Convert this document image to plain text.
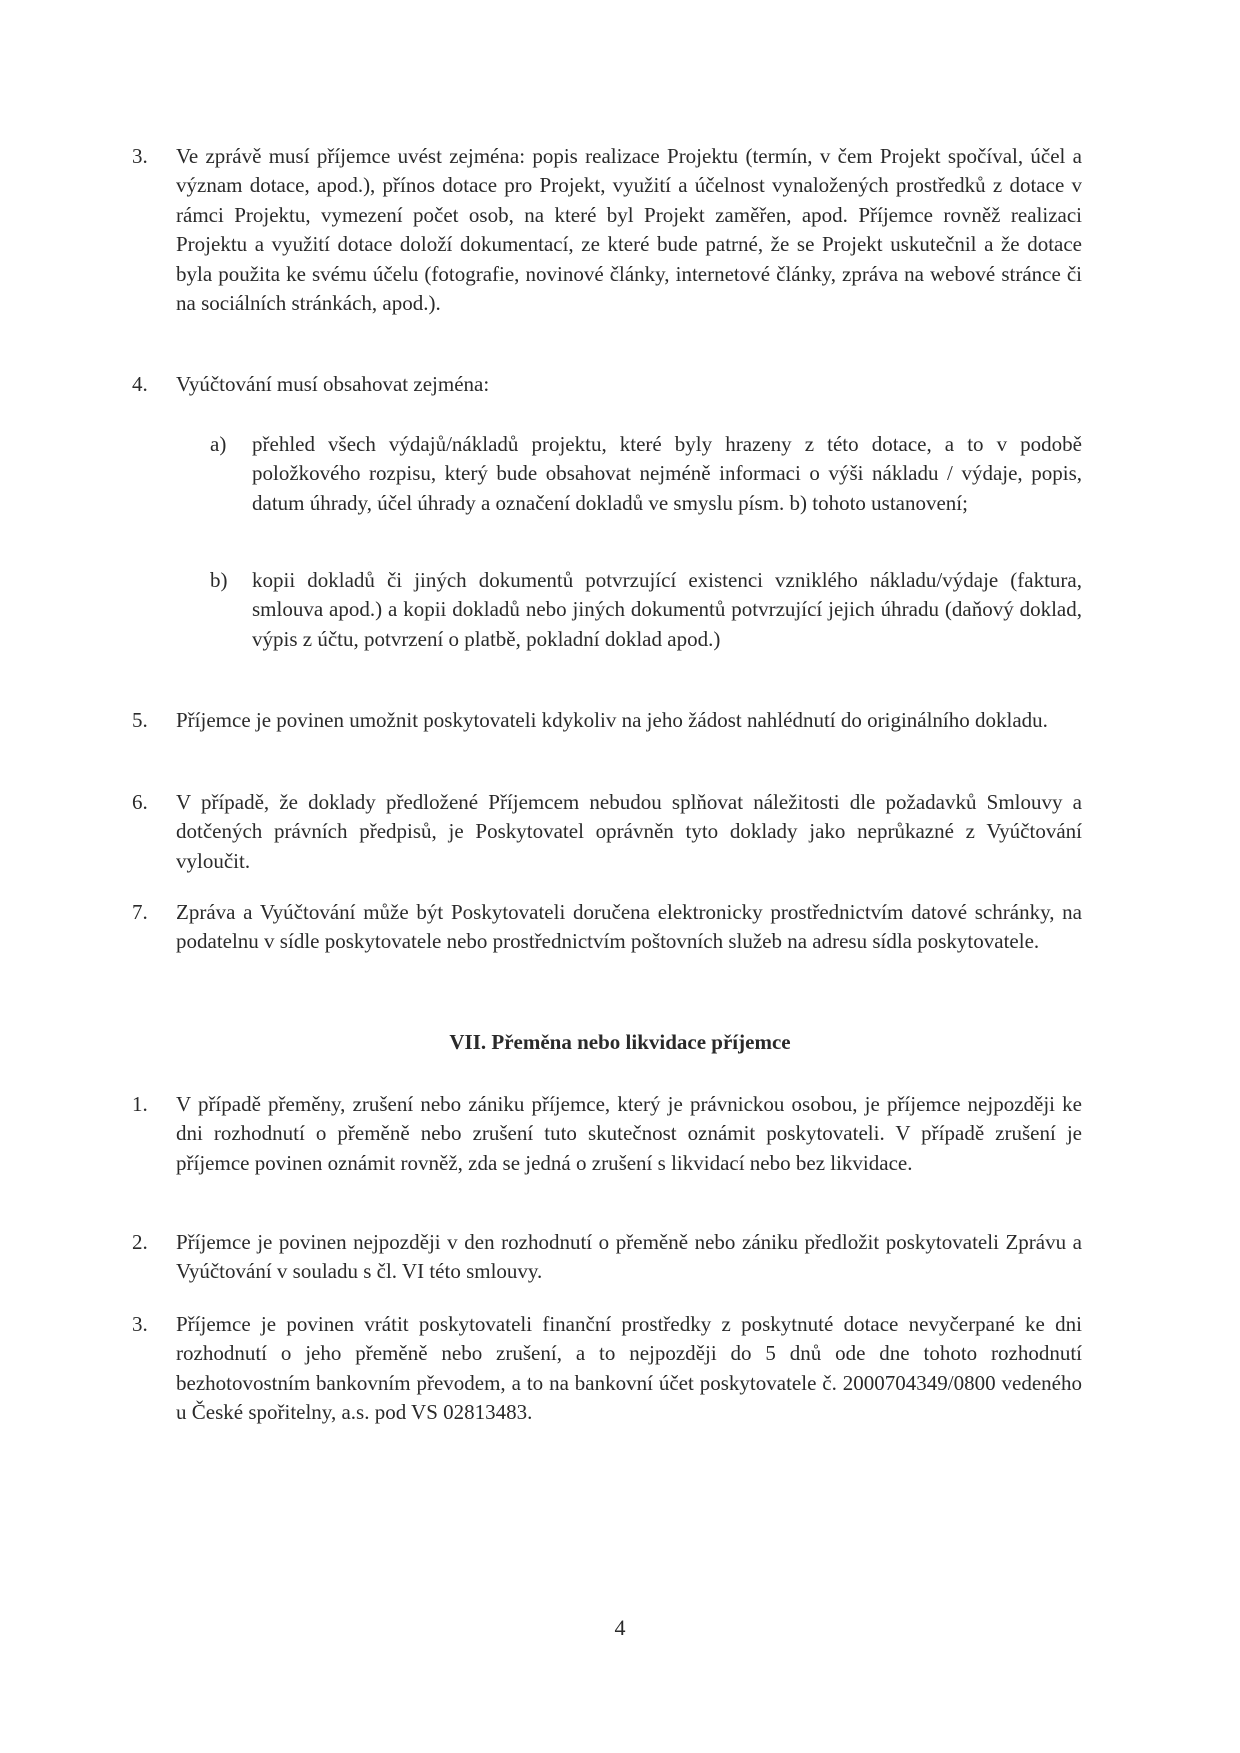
3. Ve zprávě musí příjemce uvést zejména: popis realizace Projektu (termín, v čem Projekt spočíval, účel a význam dotace, apod.), přínos dotace pro Projekt, využití a účelnost vynaložených prostředků z dotace v rámci Projektu, vymezení počet osob, na které byl Projekt zaměřen, apod. Příjemce rovněž realizaci Projektu a využití dotace doloží dokumentací, ze které bude patrné, že se Projekt uskutečnil a že dotace byla použita ke svému účelu (fotografie, novinové články, internetové články, zpráva na webové stránce či na sociálních stránkách, apod.).
4. Vyúčtování musí obsahovat zejména:
a) přehled všech výdajů/nákladů projektu, které byly hrazeny z této dotace, a to v podobě položkového rozpisu, který bude obsahovat nejméně informaci o výši nákladu / výdaje, popis, datum úhrady, účel úhrady a označení dokladů ve smyslu písm. b) tohoto ustanovení;
b) kopii dokladů či jiných dokumentů potvrzující existenci vzniklého nákladu/výdaje (faktura, smlouva apod.) a kopii dokladů nebo jiných dokumentů potvrzující jejich úhradu (daňový doklad, výpis z účtu, potvrzení o platbě, pokladní doklad apod.)
5. Příjemce je povinen umožnit poskytovateli kdykoliv na jeho žádost nahlédnutí do originálního dokladu.
6. V případě, že doklady předložené Příjemcem nebudou splňovat náležitosti dle požadavků Smlouvy a dotčených právních předpisů, je Poskytovatel oprávněn tyto doklady jako neprůkazné z Vyúčtování vyloučit.
7. Zpráva a Vyúčtování může být Poskytovateli doručena elektronicky prostřednictvím datové schránky, na podatelnu v sídle poskytovatele nebo prostřednictvím poštovních služeb na adresu sídla poskytovatele.
VII. Přeměna nebo likvidace příjemce
1. V případě přeměny, zrušení nebo zániku příjemce, který je právnickou osobou, je příjemce nejpozději ke dni rozhodnutí o přeměně nebo zrušení tuto skutečnost oznámit poskytovateli. V případě zrušení je příjemce povinen oznámit rovněž, zda se jedná o zrušení s likvidací nebo bez likvidace.
2. Příjemce je povinen nejpozději v den rozhodnutí o přeměně nebo zániku předložit poskytovateli Zprávu a Vyúčtování v souladu s čl. VI této smlouvy.
3. Příjemce je povinen vrátit poskytovateli finanční prostředky z poskytnuté dotace nevyčerpané ke dni rozhodnutí o jeho přeměně nebo zrušení, a to nejpozději do 5 dnů ode dne tohoto rozhodnutí bezhotovostním bankovním převodem, a to na bankovní účet poskytovatele č. 2000704349/0800 vedeného u České spořitelny, a.s. pod VS 02813483.
4
